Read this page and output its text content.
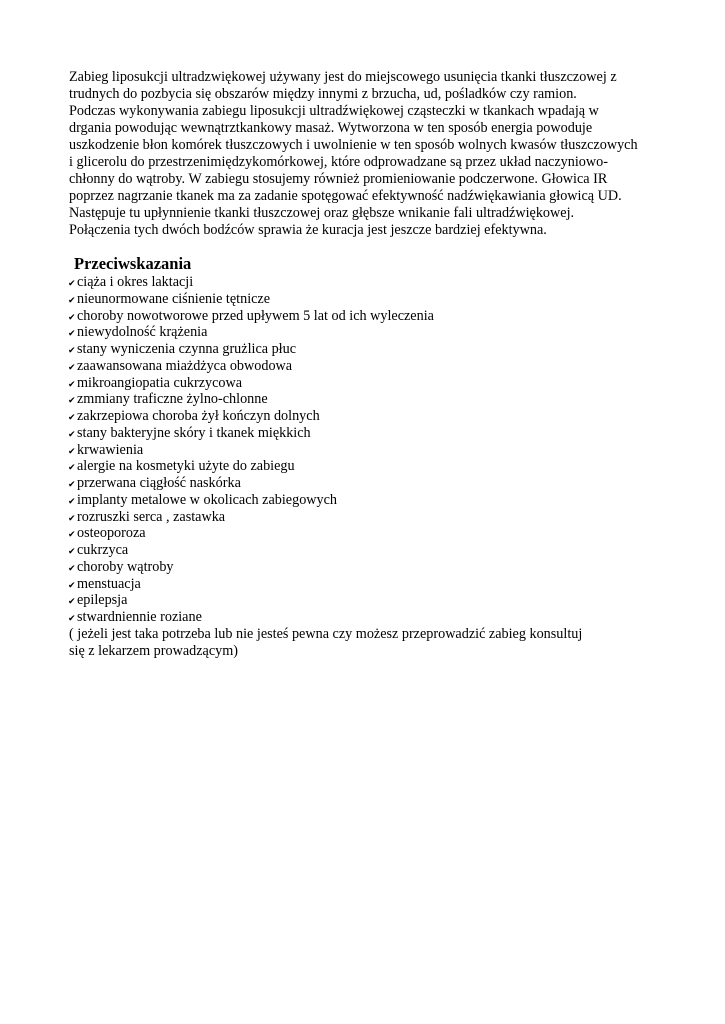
Zabieg liposukcji ultradzwiękowej używany jest do miejscowego usunięcia tkanki tłuszczowej z
trudnych do pozbycia się obszarów między innymi z brzucha, ud, pośladków czy ramion.
Podczas wykonywania zabiegu liposukcji ultradźwiękowej cząsteczki w tkankach wpadają w
drgania powodując wewnątrztkankowy masaż. Wytworzona w ten sposób energia powoduje
uszkodzenie błon komórek tłuszczowych i uwolnienie w ten sposób wolnych kwasów tłuszczowych
i glicerolu do przestrzenimiędzykomórkowej, które odprowadzane są przez układ naczyniowo-
chłonny do wątroby. W zabiegu stosujemy również promieniowanie podczerwone. Głowica IR
poprzez nagrzanie tkanek ma za zadanie spotęgować efektywność nadźwiękawiania głowicą UD.
Następuje tu upłynnienie tkanki tłuszczowej oraz głębsze wnikanie fali ultradźwiękowej.
Połączenia tych dwóch bodźców sprawia że kuracja jest jeszcze bardziej efektywna.

Przeciwskazania
✔ciąża i okres laktacji
✔nieunormowane ciśnienie tętnicze
✔choroby nowotworowe przed upływem 5 lat od ich wyleczenia
✔niewydolność krążenia
✔stany wyniczenia czynna grużlica płuc
✔zaawansowana miażdżyca obwodowa
✔mikroangiopatia cukrzycowa
✔zmmiany traficzne żylno-chlonne
✔zakrzepiowa choroba żył kończyn dolnych
✔stany bakteryjne skóry i tkanek miękkich
✔krwawienia
✔alergie na kosmetyki użyte do zabiegu
✔przerwana ciągłość naskórka
✔implanty metalowe w okolicach zabiegowych
✔rozruszki serca , zastawka
✔osteoporoza
✔cukrzyca
✔choroby wątroby
✔menstuacja
✔epilepsja
✔stwardniennie roziane

( jeżeli jest taka potrzeba lub nie jesteś pewna czy możesz przeprowadzić zabieg konsultuj
się z lekarzem prowadzącym)
